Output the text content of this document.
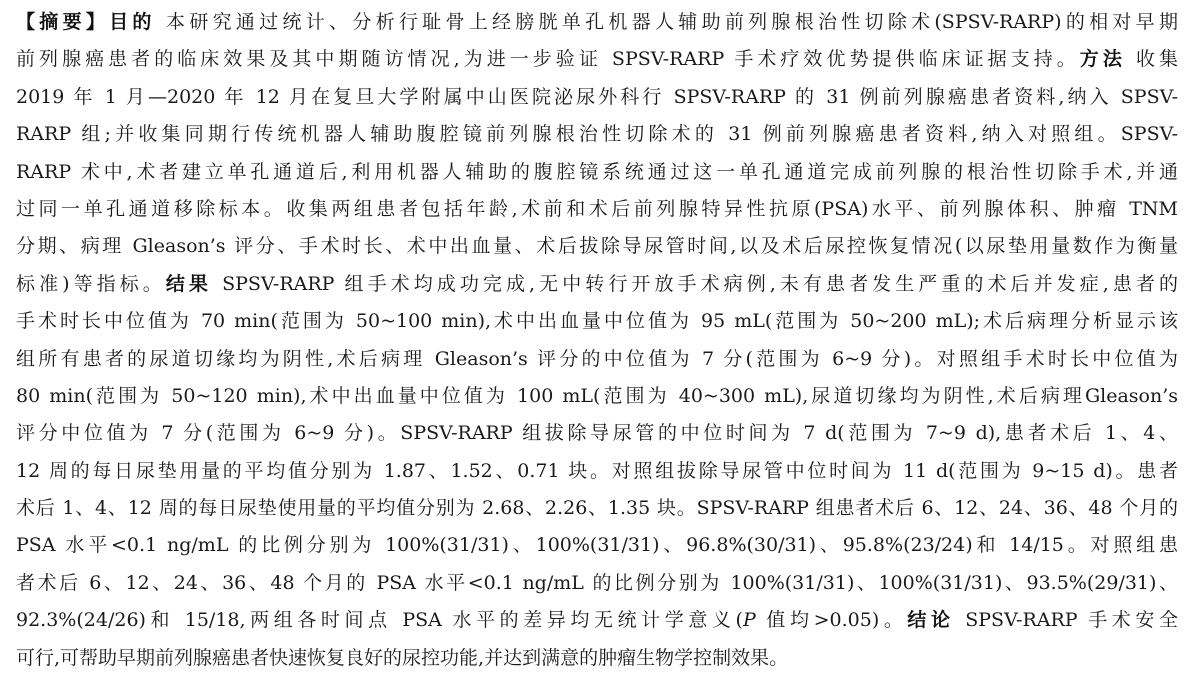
【摘要】目的 本研究通过统计、分析行耻骨上经膀胱单孔机器人辅助前列腺根治性切除术(SPSV-RARP)的相对早期
前列腺癌患者的临床效果及其中期随访情况,为进一步验证 SPSV-RARP 手术疗效优势提供临床证据支持。方法 收集
2019 年 1 月—2020 年 12 月在复旦大学附属中山医院泌尿外科行 SPSV-RARP 的 31 例前列腺癌患者资料,纳入 SPSV-
RARP 组;并收集同期行传统机器人辅助腹腔镜前列腺根治性切除术的 31 例前列腺癌患者资料,纳入对照组。SPSV-
RARP 术中,术者建立单孔通道后,利用机器人辅助的腹腔镜系统通过这一单孔通道完成前列腺的根治性切除手术,并通
过同一单孔通道移除标本。收集两组患者包括年龄,术前和术后前列腺特异性抗原(PSA)水平、前列腺体积、肿瘤 TNM
分期、病理 Gleason’s 评分、手术时长、术中出血量、术后拔除导尿管时间,以及术后尿控恢复情况(以尿垫用量数作为衡量
标准)等指标。结果 SPSV-RARP 组手术均成功完成,无中转行开放手术病例,未有患者发生严重的术后并发症,患者的
手术时长中位值为 70 min(范围为 50~100 min),术中出血量中位值为 95 mL(范围为 50~200 mL);术后病理分析显示该
组所有患者的尿道切缘均为阴性,术后病理 Gleason’s 评分的中位值为 7 分(范围为 6~9 分)。对照组手术时长中位值为
80 min(范围为 50~120 min),术中出血量中位值为 100 mL(范围为 40~300 mL),尿道切缘均为阴性,术后病理Gleason’s
评分中位值为 7 分(范围为 6~9 分)。SPSV-RARP 组拔除导尿管的中位时间为 7 d(范围为 7~9 d),患者术后 1、4、
12 周的每日尿垫用量的平均值分别为 1.87、1.52、0.71 块。对照组拔除导尿管中位时间为 11 d(范围为 9~15 d)。患者
术后 1、4、12 周的每日尿垫使用量的平均值分别为 2.68、2.26、1.35 块。SPSV-RARP 组患者术后 6、12、24、36、48 个月的
PSA 水平<0.1 ng/mL 的比例分别为 100%(31/31)、100%(31/31)、96.8%(30/31)、95.8%(23/24)和 14/15。对照组患
者术后 6、12、24、36、48 个月的 PSA 水平<0.1 ng/mL 的比例分别为 100%(31/31)、100%(31/31)、93.5%(29/31)、
92.3%(24/26)和 15/18,两组各时间点 PSA 水平的差异均无统计学意义(P 值均>0.05)。结论 SPSV-RARP 手术安全
可行,可帮助早期前列腺癌患者快速恢复良好的尿控功能,并达到满意的肿瘤生物学控制效果。
